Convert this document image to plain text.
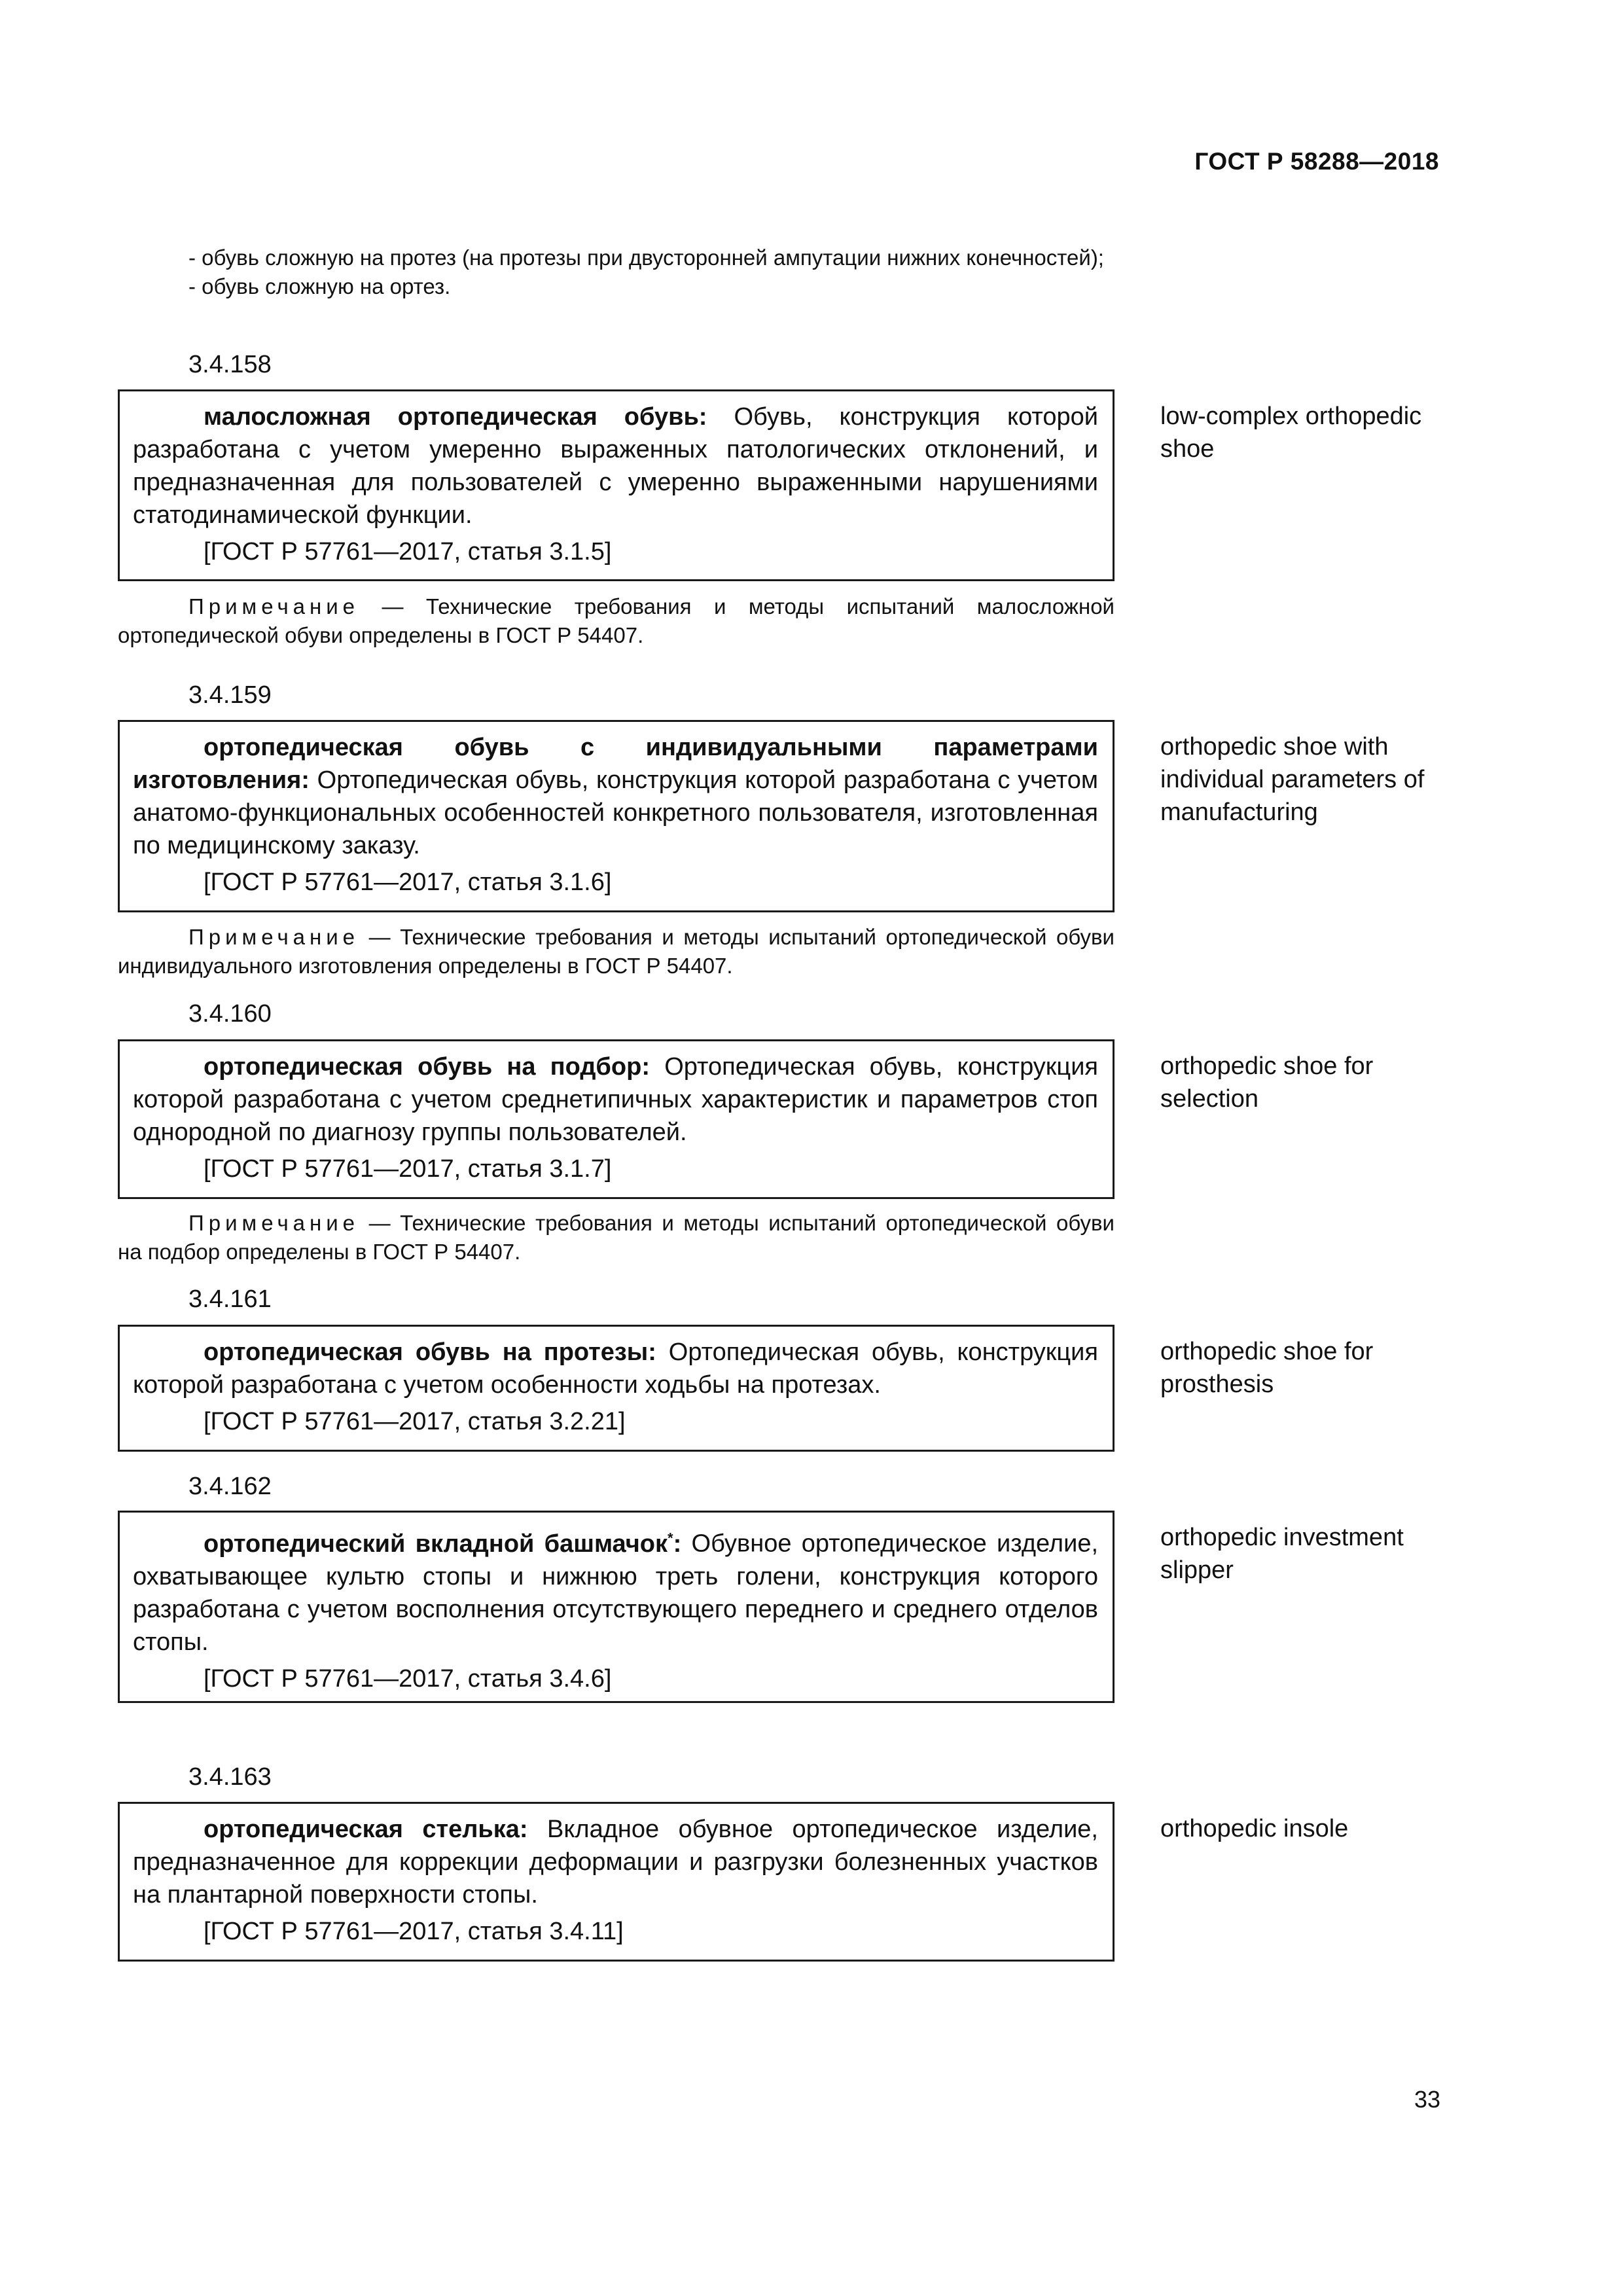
ГОСТ Р 58288—2018

- обувь сложную на протез (на протезы при двусторонней ампутации нижних конечностей);

- обувь сложную на ортез.

3.4.158

малосложная ортопедическая обувь: Обувь, конструкция которой разработана с учетом умеренно выраженных патологических отклонений, и предназначенная для пользователей с умеренно выраженными нарушениями статодинамической функции.

[ГОСТ Р 57761—2017, статья 3.1.5]

low-complex orthopedic shoe

Примечание — Технические требования и методы испытаний малосложной ортопедической обуви определены в ГОСТ Р 54407.

3.4.159

ортопедическая обувь с индивидуальными параметрами изготовления: Ортопедическая обувь, конструкция которой разработана с учетом анатомо-функциональных особенностей конкретного пользователя, изготовленная по медицинскому заказу.

[ГОСТ Р 57761—2017, статья 3.1.6]

orthopedic shoe with individual parameters of manufacturing

Примечание — Технические требования и методы испытаний ортопедической обуви индивидуального изготовления определены в ГОСТ Р 54407.

3.4.160

ортопедическая обувь на подбор: Ортопедическая обувь, конструкция которой разработана с учетом среднетипичных характеристик и параметров стоп однородной по диагнозу группы пользователей.

[ГОСТ Р 57761—2017, статья 3.1.7]

orthopedic shoe for selection

Примечание — Технические требования и методы испытаний ортопедической обуви на подбор определены в ГОСТ Р 54407.

3.4.161

ортопедическая обувь на протезы: Ортопедическая обувь, конструкция которой разработана с учетом особенности ходьбы на протезах.

[ГОСТ Р 57761—2017, статья 3.2.21]

orthopedic shoe for prosthesis
3.4.162

ортопедический вкладной башмачок*: Обувное ортопедическое изделие, охватывающее культю стопы и нижнюю треть голени, конструкция которого разработана с учетом восполнения отсутствующего переднего и среднего отделов стопы.

[ГОСТ Р 57761—2017, статья 3.4.6]

orthopedic investment slipper
3.4.163

ортопедическая стелька: Вкладное обувное ортопедическое изделие, предназначенное для коррекции деформации и разгрузки болезненных участков на плантарной поверхности стопы.

[ГОСТ Р 57761—2017, статья 3.4.11]

orthopedic insole
33
